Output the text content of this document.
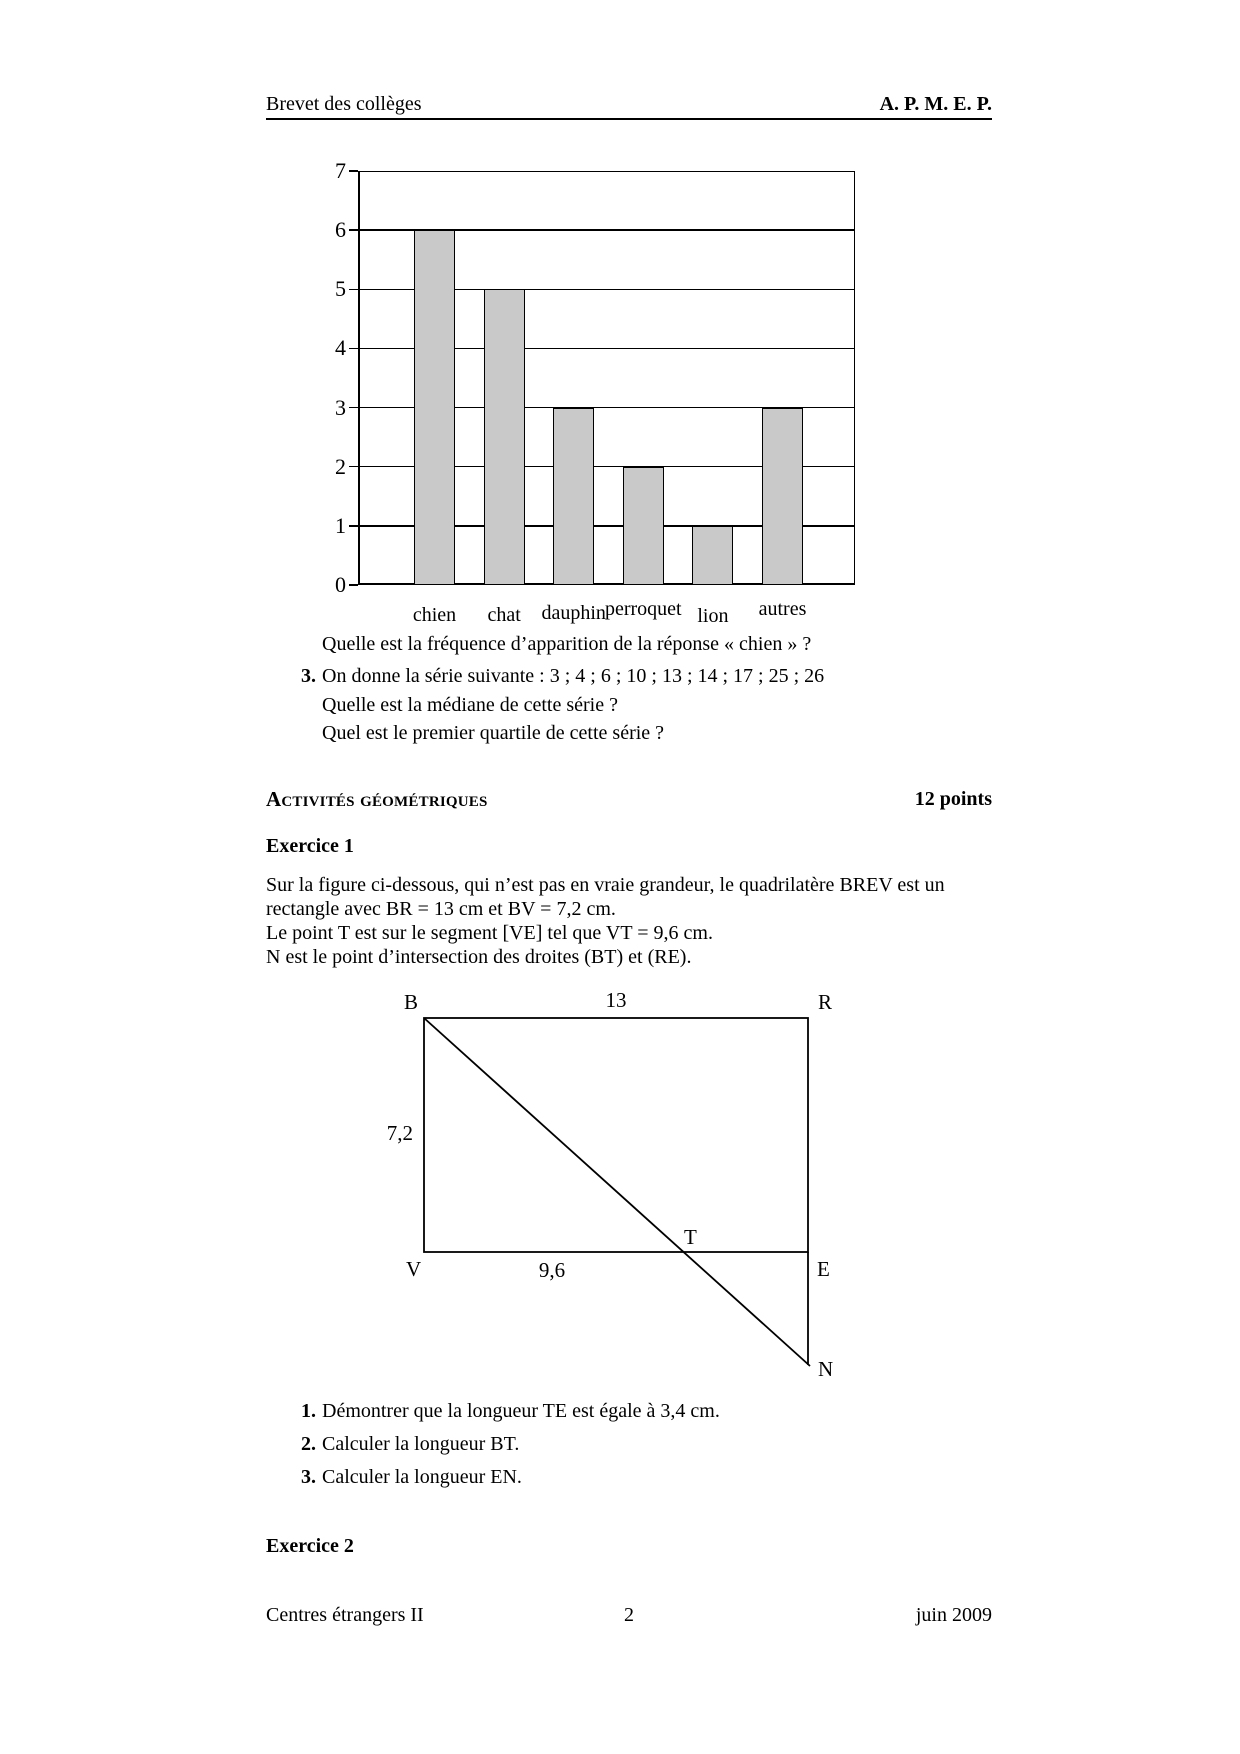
Brevet des collèges	A. P. M. E. P.
Quelle est la fréquence d’apparition de la réponse « chien » ?
3. On donne la série suivante : 3 ; 4 ; 6 ; 10 ; 13 ; 14 ; 17 ; 25 ; 26
Quelle est la médiane de cette série ?
Quel est le premier quartile de cette série ?
Activités géométriques	12 points
Exercice 1
Sur la figure ci-dessous, qui n’est pas en vraie grandeur, le quadrilatère BREV est un
rectangle avec BR = 13 cm et BV = 7,2 cm.
Le point T est sur le segment [VE] tel que VT = 9,6 cm.
N est le point d’intersection des droites (BT) et (RE).
B	13	R
7,2
V	9,6	E
T
N
1. Démontrer que la longueur TE est égale à 3,4 cm.
2. Calculer la longueur BT.
3. Calculer la longueur EN.
Exercice 2
Centres étrangers II	2	juin 2009
0
1
2
3
4
5
6
7
chien	chat	dauphin perroquet lion	autres
